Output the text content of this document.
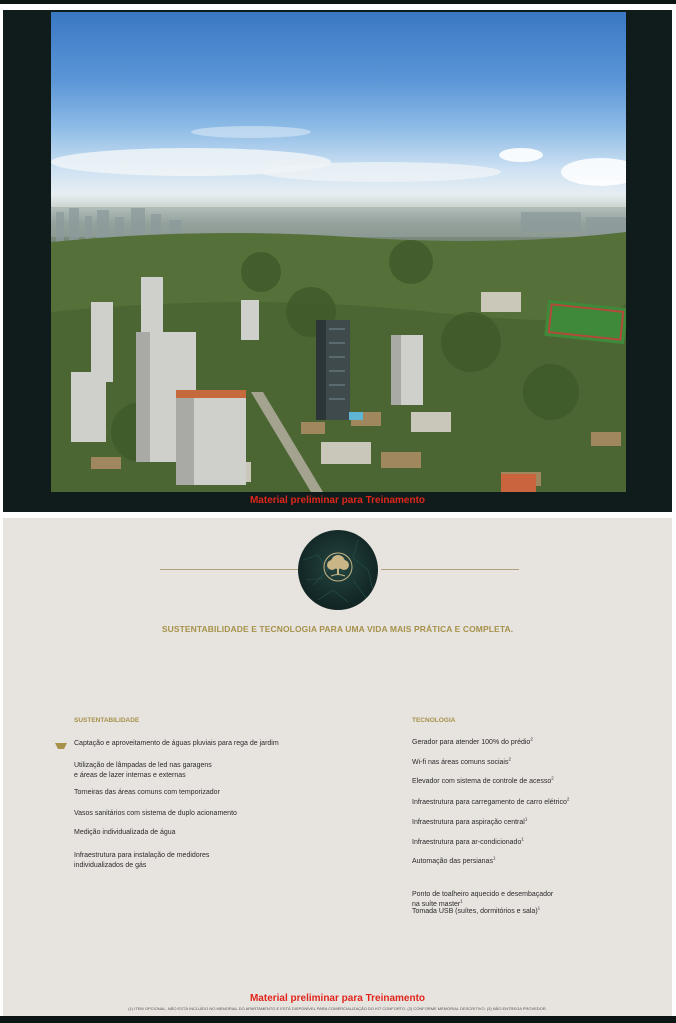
Material preliminar para Treinamento
SUSTENTABILIDADE E TECNOLOGIA PARA UMA VIDA MAIS PRÁTICA E COMPLETA.
SUSTENTABILIDADE
Captação e aproveitamento de águas pluviais para rega de jardim
Utilização de lâmpadas de led nas garagens
e áreas de lazer internas e externas
Torneiras das áreas comuns com temporizador
Vasos sanitários com sistema de duplo acionamento
Medição individualizada de água
Infraestrutura para instalação de medidores
individualizados de gás
TECNOLOGIA
Gerador para atender 100% do prédio$^2$
Wi-fi nas áreas comuns sociais$^2$
Elevador com sistema de controle de acesso$^2$
Infraestrutura para carregamento de carro elétrico$^2$
Infraestrutura para aspiração central$^1$
Infraestrutura para ar-condicionado$^1$
Automação das persianas$^1$

Ponto de toalheiro aquecido e desembaçador
na suíte master$^1$

Tomada USB (suítes, dormitórios e sala)$^1$
Material preliminar para Treinamento
(1) ITEM OPCIONAL, NÃO ESTÁ INCLUÍDO NO MEMORIAL DO APARTAMENTO E ESTÁ DISPONÍVEL PARA COMERCIALIZAÇÃO DO KIT CONFORTO. (2) CONFORME MEMORIAL DESCRITIVO. (3) NÃO ENTREGA PROVEDOR.
